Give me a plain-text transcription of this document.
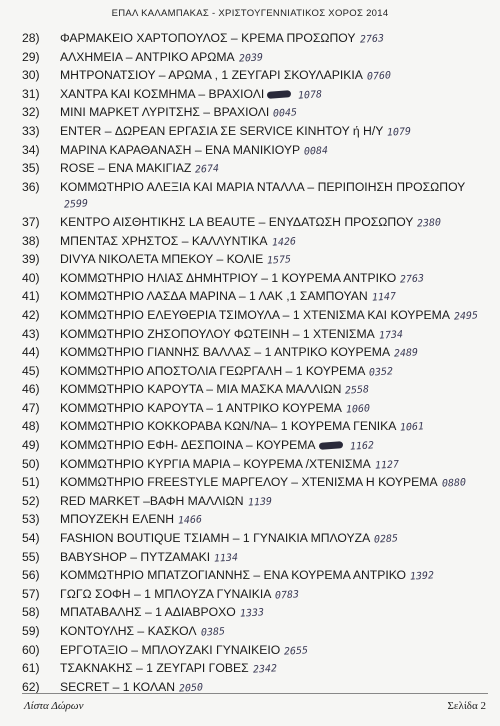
ΕΠΑΛ ΚΑΛΑΜΠΑΚΑΣ - ΧΡΙΣΤΟΥΓΕΝΝΙΑΤΙΚΟΣ ΧΟΡΟΣ 2014
28)	ΦΑΡΜΑΚΕΙΟ ΧΑΡΤΟΠΟΥΛΟΣ – ΚΡΕΜΑ ΠΡΟΣΩΠΟΥ 2763
29)	ΑΛΧΗΜΕΙΑ – ΑΝΤΡΙΚΟ ΑΡΩΜΑ 2039
30)	ΜΗΤΡΟΝΑΤΣΙΟΥ – ΑΡΩΜΑ , 1 ΖΕΥΓΑΡΙ ΣΚΟΥΛΑΡΙΚΙΑ 0760
31)	ΧΑΝΤΡΑ ΚΑΙ ΚΟΣΜΗΜΑ – ΒΡΑΧΙΟΛΙ	1078
32)	ΜΙΝΙ ΜΑΡΚΕΤ ΛΥΡΙΤΣΗΣ – ΒΡΑΧΙΟΛΙ 0045
33)	ENTER – ΔΩΡΕΑΝ ΕΡΓΑΣΙΑ ΣΕ SERVICE ΚΙΝΗΤΟΥ ή Η/Υ 1079
34)	ΜΑΡΙΝΑ ΚΑΡΑΘΑΝΑΣΗ – ΕΝΑ ΜΑΝΙΚΙΟΥΡ 0084
35)	ROSE – ΕΝΑ ΜΑΚΙΓΙΑΖ 2674
36)	ΚΟΜΜΩΤΗΡΙΟ ΑΛΕΞΙΑ ΚΑΙ ΜΑΡΙΑ ΝΤΑΛΛΑ – ΠΕΡΙΠΟΙΗΣΗ ΠΡΟΣΩΠΟΥ2599
37)	ΚΕΝΤΡΟ ΑΙΣΘΗΤΙΚΗΣ LA BEAUTE – ΕΝΥΔΑΤΩΣΗ ΠΡΟΣΩΠΟΥ 2380
38)	ΜΠΕΝΤΑΣ ΧΡΗΣΤΟΣ – ΚΑΛΛΥΝΤΙΚΑ 1426
39)	DIVYA ΝΙΚΟΛΕΤΑ ΜΠΕΚΟΥ – ΚΟΛΙΕ 1575
40)	ΚΟΜΜΩΤΗΡΙΟ ΗΛΙΑΣ ΔΗΜΗΤΡΙΟΥ – 1 ΚΟΥΡΕΜΑ ΑΝΤΡΙΚΟ 2763
41)	ΚΟΜΜΩΤΗΡΙΟ ΛΑΣΔΑ ΜΑΡΙΝΑ – 1 ΛΑΚ ,1 ΣΑΜΠΟΥΑΝ 1147
42)	ΚΟΜΜΩΤΗΡΙΟ ΕΛΕΥΘΕΡΙΑ ΤΣΙΜΟΥΛΑ – 1 ΧΤΕΝΙΣΜΑ ΚΑΙ ΚΟΥΡΕΜΑ 2495
43)	ΚΟΜΜΩΤΗΡΙΟ ΖΗΣΟΠΟΥΛΟΥ ΦΩΤΕΙΝΗ – 1 ΧΤΕΝΙΣΜΑ 1734
44)	ΚΟΜΜΩΤΗΡΙΟ ΓΙΑΝΝΗΣ ΒΑΛΛΑΣ – 1 ΑΝΤΡΙΚΟ ΚΟΥΡΕΜΑ 2489
45)	ΚΟΜΜΩΤΗΡΙΟ ΑΠΟΣΤΟΛΙΑ ΓΕΩΡΓΑΛΗ – 1 ΚΟΥΡΕΜΑ 0352
46)	ΚΟΜΜΩΤΗΡΙΟ ΚΑΡΟΥΤΑ – ΜΙΑ ΜΑΣΚΑ ΜΑΛΛΙΩΝ 2558
47)	ΚΟΜΜΩΤΗΡΙΟ ΚΑΡΟΥΤΑ – 1 ΑΝΤΡΙΚΟ ΚΟΥΡΕΜΑ 1060
48)	ΚΟΜΜΩΤΗΡΙΟ ΚΟΚΚΟΡΑΒΑ ΚΩΝ/ΝΑ– 1 ΚΟΥΡΕΜΑ ΓΕΝΙΚΑ 1061
49)	ΚΟΜΜΩΤΗΡΙΟ ΕΦΗ- ΔΕΣΠΟΙΝΑ – ΚΟΥΡΕΜΑ	1162
50)	ΚΟΜΜΩΤΗΡΙΟ ΚΥΡΓΙΑ ΜΑΡΙΑ – ΚΟΥΡΕΜΑ /ΧΤΕΝΙΣΜΑ 1127
51)	ΚΟΜΜΩΤΗΡΙΟ FREESTYLE ΜΑΡΓΕΛΟΥ – ΧΤΕΝΙΣΜΑ Η ΚΟΥΡΕΜΑ 0880
52)	RED MARKET –ΒΑΦΗ ΜΑΛΛΙΩΝ 1139
53)	ΜΠΟΥΖΕΚΗ ΕΛΕΝΗ 1466
54)	FASHION BOUTIQUE ΤΣΙΑΜΗ – 1 ΓΥΝΑΙΚΙΑ ΜΠΛΟΥΖΑ 0285
55)	BABYSHOP – ΠΥΤΖΑΜΑΚΙ 1134
56)	ΚΟΜΜΩΤΗΡΙΟ ΜΠΑΤΖΟΓΙΑΝΝΗΣ – ΕΝΑ ΚΟΥΡΕΜΑ ΑΝΤΡΙΚΟ 1392
57)	ΓΩΓΩ ΣΟΦΗ – 1 ΜΠΛΟΥΖΑ ΓΥΝΑΙΚΙΑ 0783
58)	ΜΠΑΤΑΒΑΛΗΣ – 1 ΑΔΙΑΒΡΟΧΟ 1333
59)	ΚΟΝΤΟΥΛΗΣ – ΚΑΣΚΟΛ 0385
60)	ΕΡΓΟΤΑΞΙΟ – ΜΠΛΟΥΖΑΚΙ ΓΥΝΑΙΚΕΙΟ 2655
61)	ΤΣΑΚΝΑΚΗΣ – 1 ΖΕΥΓΑΡΙ ΓΟΒΕΣ 2342
62)	SECRET – 1 ΚΟΛΑΝ 2050
Λίστα Δώρων	Σελίδα 2
